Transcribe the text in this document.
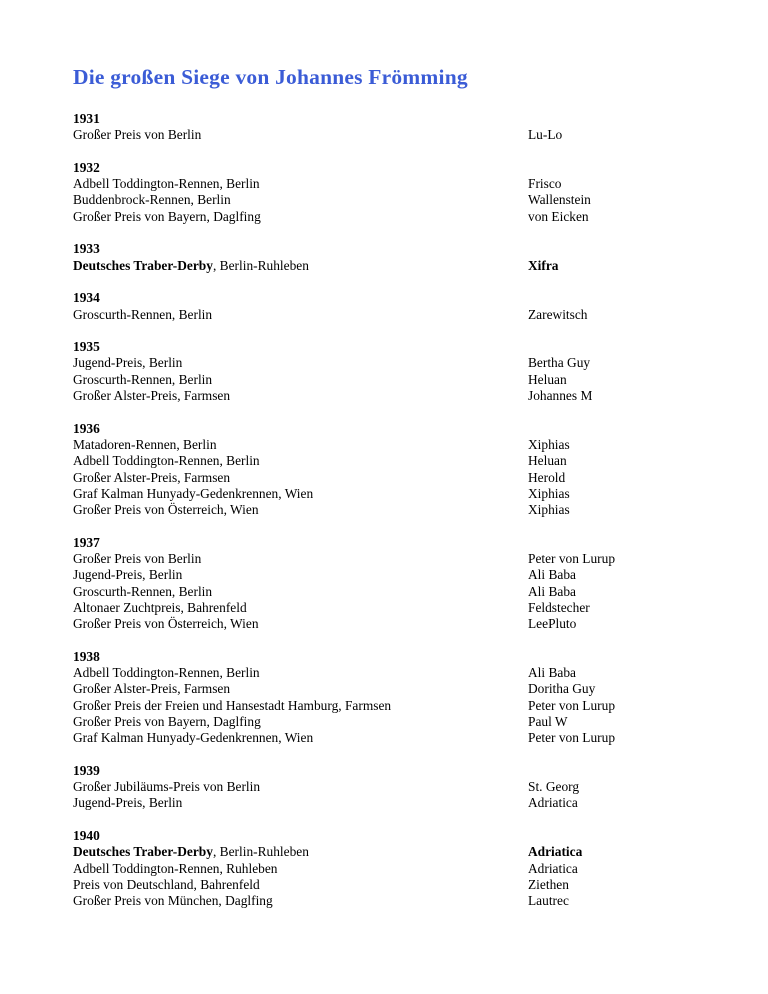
Die großen Siege von Johannes Frömming
1931
Großer Preis von Berlin	Lu-Lo
1932
Adbell Toddington-Rennen, Berlin	Frisco
Buddenbrock-Rennen, Berlin	Wallenstein
Großer Preis von Bayern, Daglfing	von Eicken
1933
Deutsches Traber-Derby, Berlin-Ruhleben	Xifra
1934
Groscurth-Rennen, Berlin	Zarewitsch
1935
Jugend-Preis, Berlin	Bertha Guy
Groscurth-Rennen, Berlin	Heluan
Großer Alster-Preis, Farmsen	Johannes M
1936
Matadoren-Rennen, Berlin	Xiphias
Adbell Toddington-Rennen, Berlin	Heluan
Großer Alster-Preis, Farmsen	Herold
Graf Kalman Hunyady-Gedenkrennen, Wien	Xiphias
Großer Preis von Österreich, Wien	Xiphias
1937
Großer Preis von Berlin	Peter von Lurup
Jugend-Preis, Berlin	Ali Baba
Groscurth-Rennen, Berlin	Ali Baba
Altonaer Zuchtpreis, Bahrenfeld	Feldstecher
Großer Preis von Österreich, Wien	LeePluto
1938
Adbell Toddington-Rennen, Berlin	Ali Baba
Großer Alster-Preis, Farmsen	Doritha Guy
Großer Preis der Freien und Hansestadt Hamburg, Farmsen	Peter von Lurup
Großer Preis von Bayern, Daglfing	Paul W
Graf Kalman Hunyady-Gedenkrennen, Wien	Peter von Lurup
1939
Großer Jubiläums-Preis von Berlin	St. Georg
Jugend-Preis, Berlin	Adriatica
1940
Deutsches Traber-Derby, Berlin-Ruhleben	Adriatica
Adbell Toddington-Rennen, Ruhleben	Adriatica
Preis von Deutschland, Bahrenfeld	Ziethen
Großer Preis von München, Daglfing	Lautrec
